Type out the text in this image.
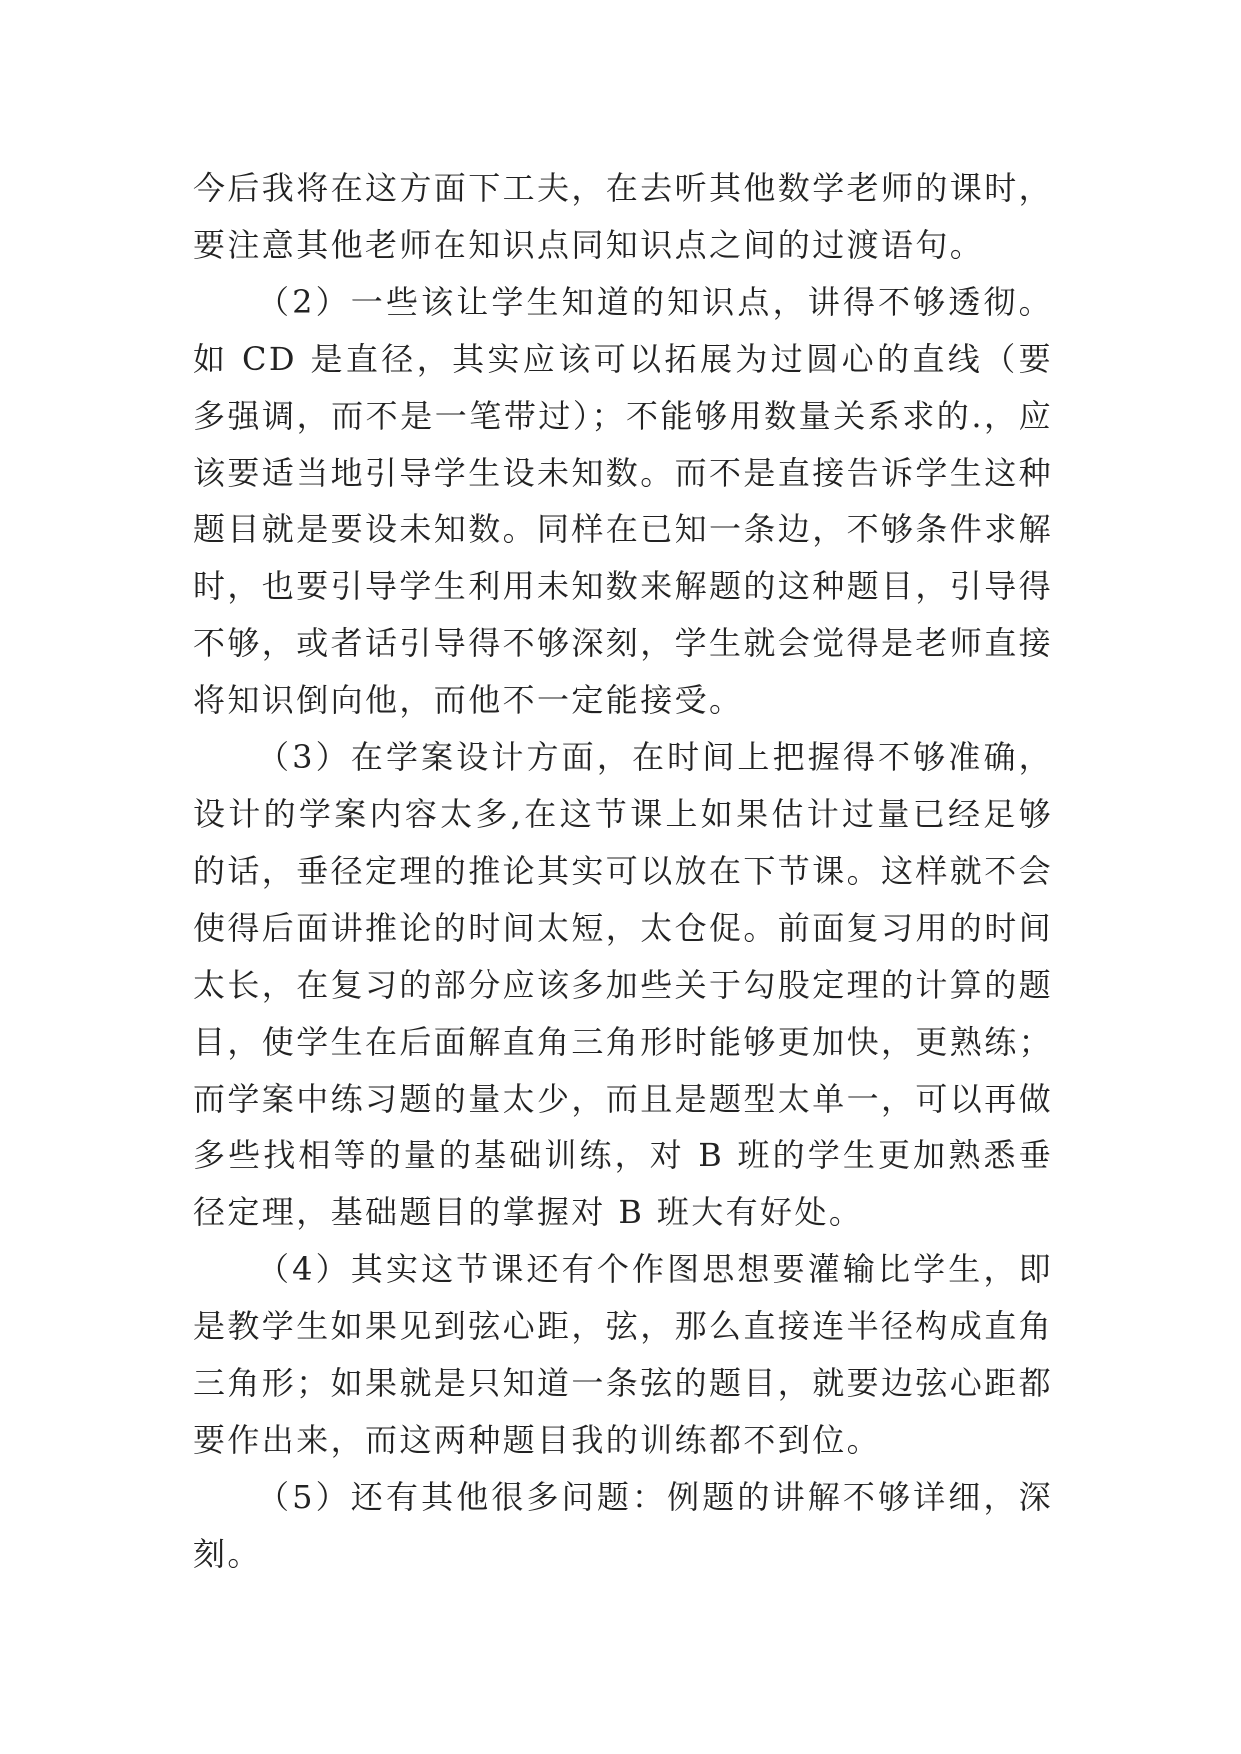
今后我将在这方面下工夫，在去听其他数学老师的课时，要注意其他老师在知识点同知识点之间的过渡语句。

（2）一些该让学生知道的知识点，讲得不够透彻。如 CD 是直径，其实应该可以拓展为过圆心的直线（要多强调，而不是一笔带过）；不能够用数量关系求的.，应该要适当地引导学生设未知数。而不是直接告诉学生这种题目就是要设未知数。同样在已知一条边，不够条件求解时，也要引导学生利用未知数来解题的这种题目，引导得不够，或者话引导得不够深刻，学生就会觉得是老师直接将知识倒向他，而他不一定能接受。

（3）在学案设计方面，在时间上把握得不够准确，设计的学案内容太多,在这节课上如果估计过量已经足够的话，垂径定理的推论其实可以放在下节课。这样就不会使得后面讲推论的时间太短，太仓促。前面复习用的时间太长，在复习的部分应该多加些关于勾股定理的计算的题目，使学生在后面解直角三角形时能够更加快，更熟练；而学案中练习题的量太少，而且是题型太单一，可以再做多些找相等的量的基础训练，对 B 班的学生更加熟悉垂径定理，基础题目的掌握对 B 班大有好处。

（4）其实这节课还有个作图思想要灌输比学生，即是教学生如果见到弦心距，弦，那么直接连半径构成直角三角形；如果就是只知道一条弦的题目，就要边弦心距都要作出来，而这两种题目我的训练都不到位。

（5）还有其他很多问题：例题的讲解不够详细，深刻。
